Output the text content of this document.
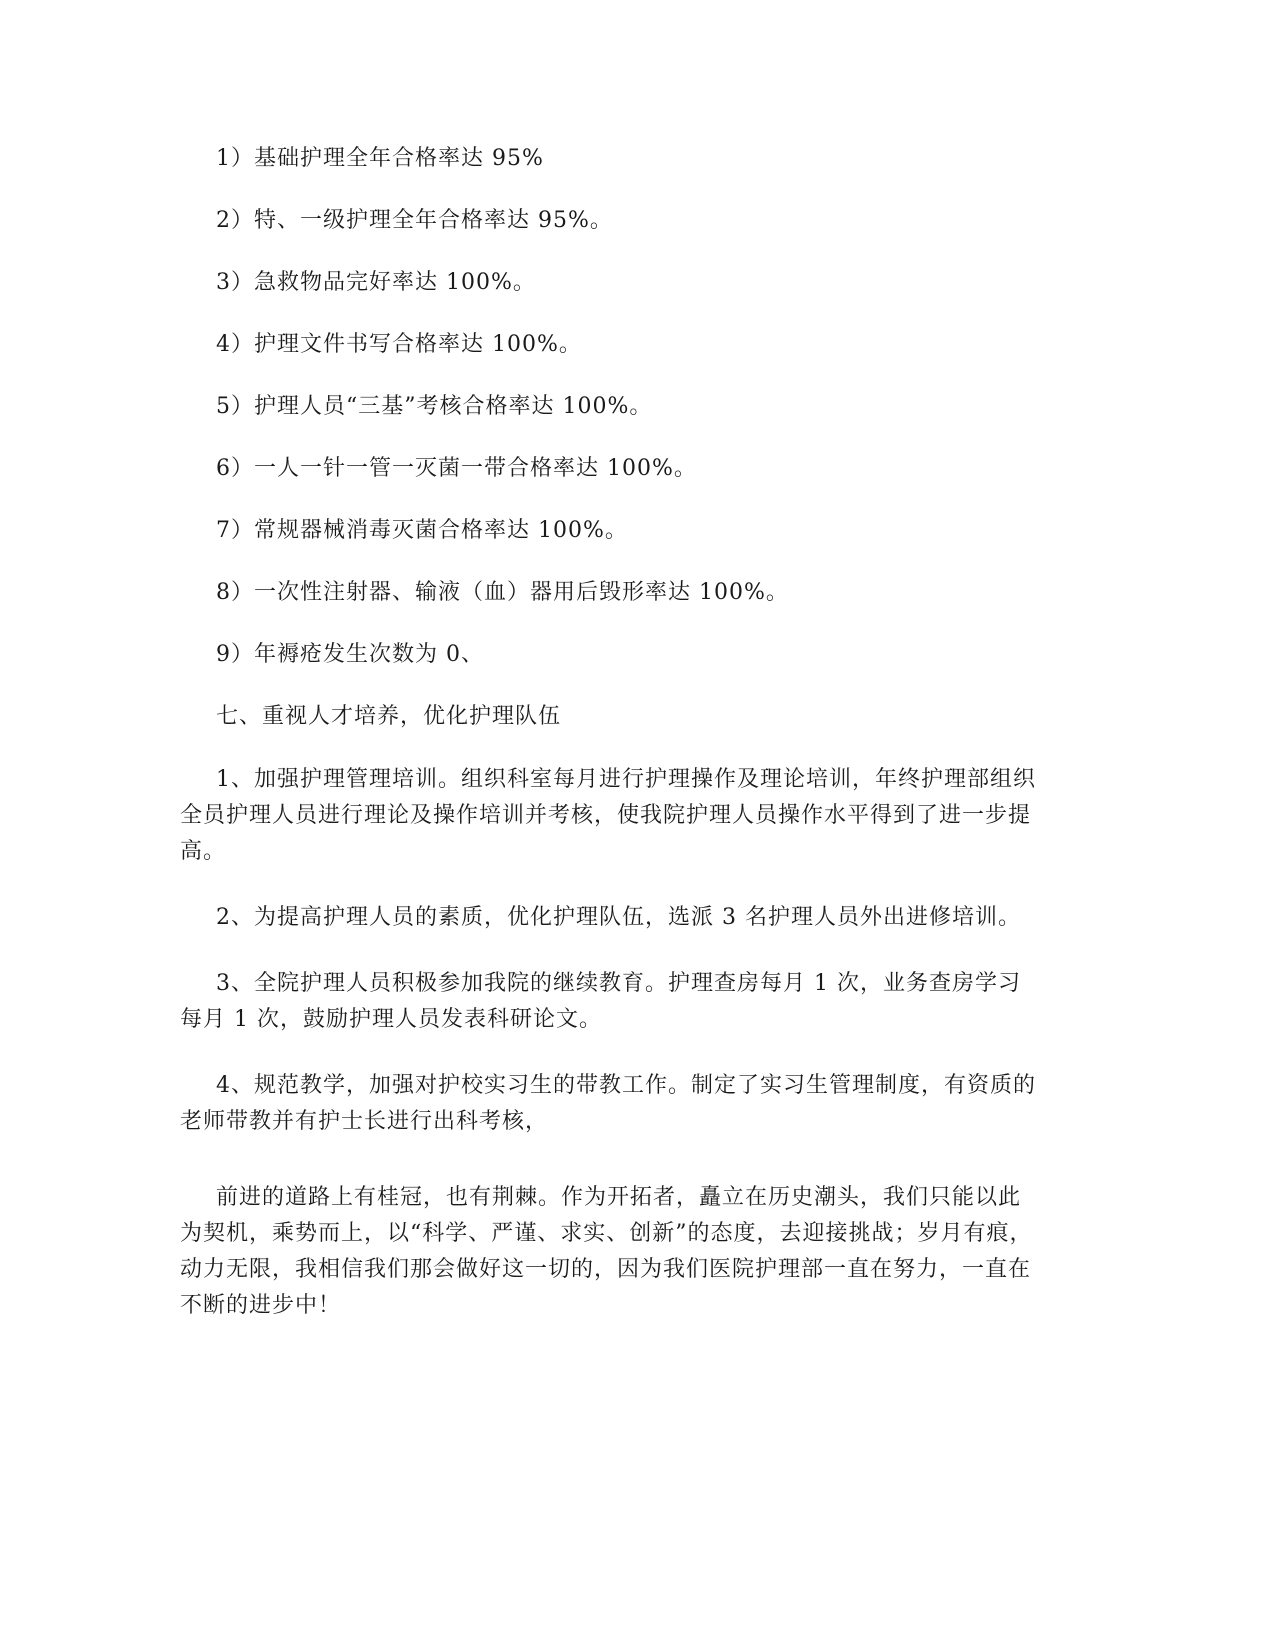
1）基础护理全年合格率达 95%

2）特、一级护理全年合格率达 95%。

3）急救物品完好率达 100%。

4）护理文件书写合格率达 100%。

5）护理人员“三基”考核合格率达 100%。

6）一人一针一管一灭菌一带合格率达 100%。

7）常规器械消毒灭菌合格率达 100%。

8）一次性注射器、输液（血）器用后毁形率达 100%。

9）年褥疮发生次数为 0、

七、重视人才培养，优化护理队伍

1、加强护理管理培训。组织科室每月进行护理操作及理论培训，年终护理部组织全员护理人员进行理论及操作培训并考核，使我院护理人员操作水平得到了进一步提高。

2、为提高护理人员的素质，优化护理队伍，选派 3 名护理人员外出进修培训。

3、全院护理人员积极参加我院的继续教育。护理查房每月 1 次，业务查房学习每月 1 次，鼓励护理人员发表科研论文。

4、规范教学，加强对护校实习生的带教工作。制定了实习生管理制度，有资质的老师带教并有护士长进行出科考核，

前进的道路上有桂冠，也有荆棘。作为开拓者，矗立在历史潮头，我们只能以此为契机，乘势而上，以“科学、严谨、求实、创新”的态度，去迎接挑战；岁月有痕，动力无限，我相信我们那会做好这一切的，因为我们医院护理部一直在努力，一直在不断的进步中！
